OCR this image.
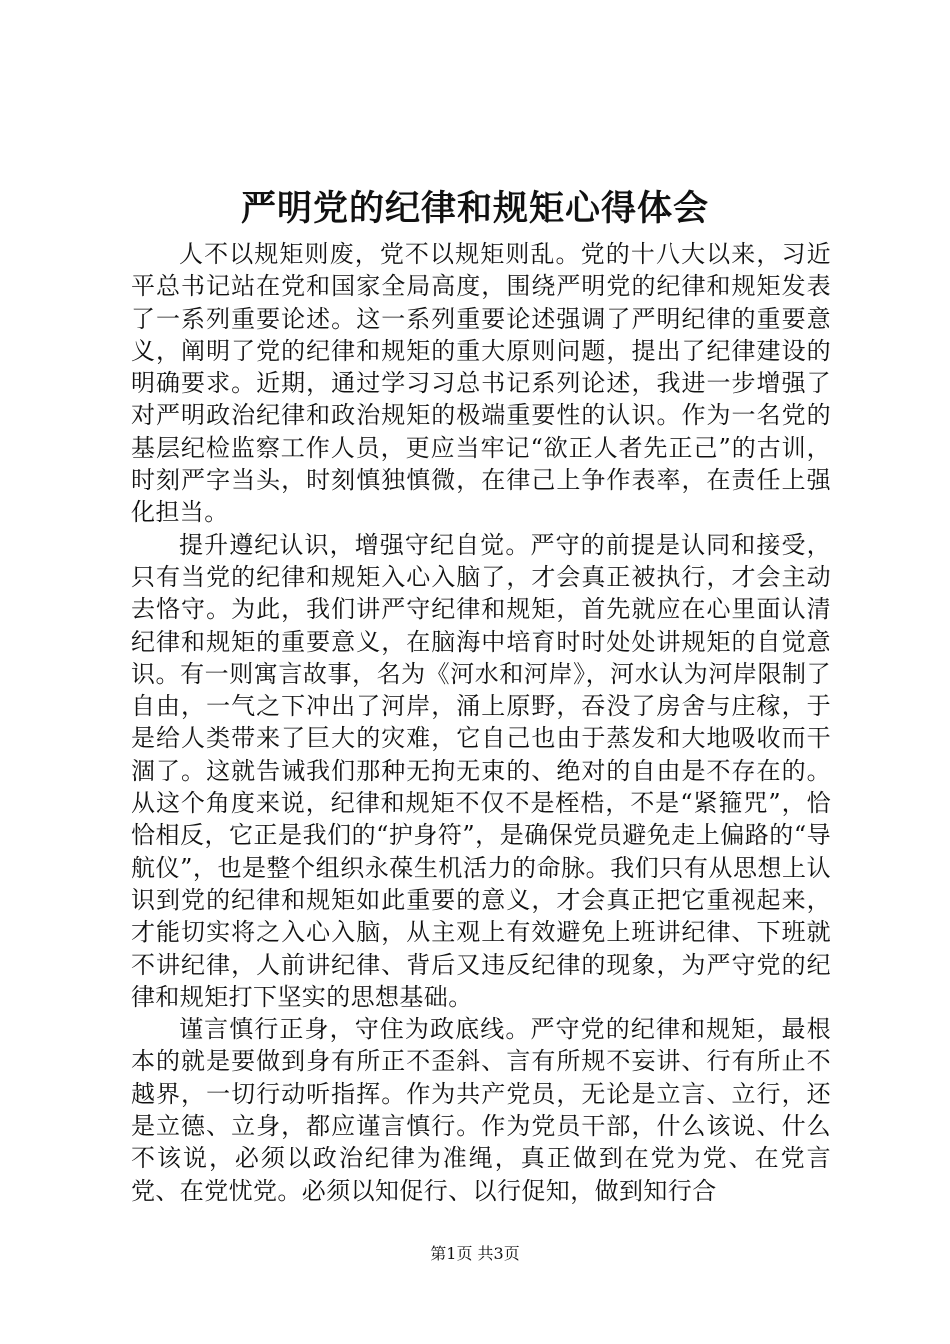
严明党的纪律和规矩心得体会

人不以规矩则废，党不以规矩则乱。党的十八大以来，习近平总书记站在党和国家全局高度，围绕严明党的纪律和规矩发表了一系列重要论述。这一系列重要论述强调了严明纪律的重要意义，阐明了党的纪律和规矩的重大原则问题，提出了纪律建设的明确要求。近期，通过学习习总书记系列论述，我进一步增强了对严明政治纪律和政治规矩的极端重要性的认识。作为一名党的基层纪检监察工作人员，更应当牢记“欲正人者先正己”的古训，时刻严字当头，时刻慎独慎微，在律己上争作表率，在责任上强化担当。

提升遵纪认识，增强守纪自觉。严守的前提是认同和接受，只有当党的纪律和规矩入心入脑了，才会真正被执行，才会主动去恪守。为此，我们讲严守纪律和规矩，首先就应在心里面认清纪律和规矩的重要意义，在脑海中培育时时处处讲规矩的自觉意识。有一则寓言故事，名为《河水和河岸》，河水认为河岸限制了自由，一气之下冲出了河岸，涌上原野，吞没了房舍与庄稼，于是给人类带来了巨大的灾难，它自己也由于蒸发和大地吸收而干涸了。这就告诫我们那种无拘无束的、绝对的自由是不存在的。从这个角度来说，纪律和规矩不仅不是桎梏，不是“紧箍咒”，恰恰相反，它正是我们的“护身符”，是确保党员避免走上偏路的“导航仪”，也是整个组织永葆生机活力的命脉。我们只有从思想上认识到党的纪律和规矩如此重要的意义，才会真正把它重视起来，才能切实将之入心入脑，从主观上有效避免上班讲纪律、下班就不讲纪律，人前讲纪律、背后又违反纪律的现象，为严守党的纪律和规矩打下坚实的思想基础。

谨言慎行正身，守住为政底线。严守党的纪律和规矩，最根本的就是要做到身有所正不歪斜、言有所规不妄讲、行有所止不越界，一切行动听指挥。作为共产党员，无论是立言、立行，还是立德、立身，都应谨言慎行。作为党员干部，什么该说、什么不该说，必须以政治纪律为准绳，真正做到在党为党、在党言党、在党忧党。必须以知促行、以行促知，做到知行合

第1页 共3页
